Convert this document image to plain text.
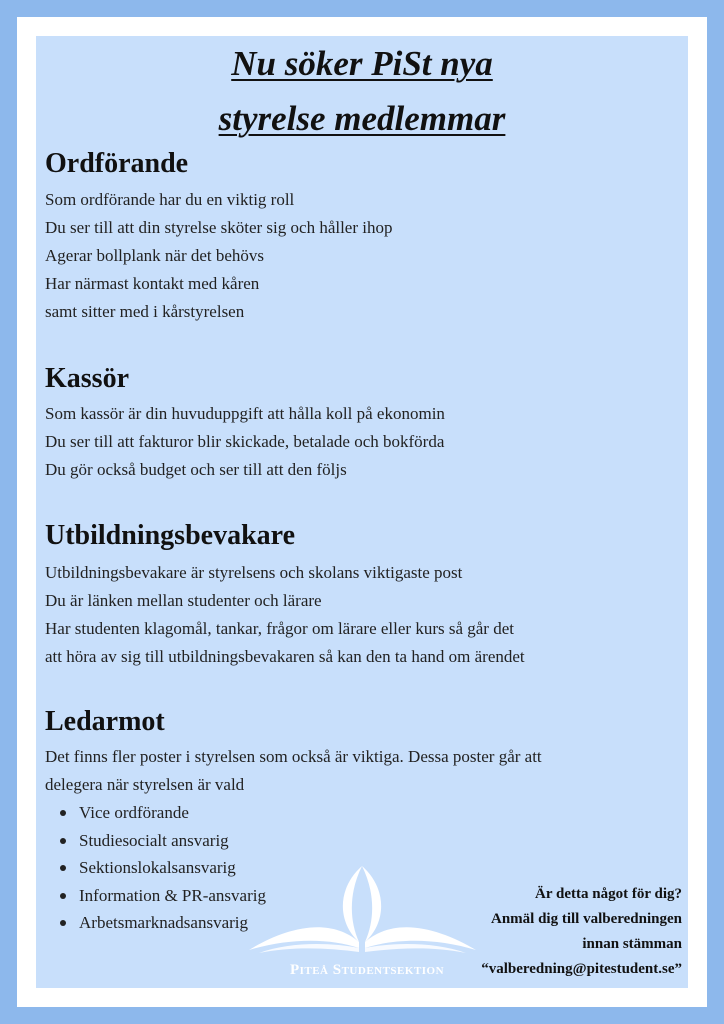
Nu söker PiSt nya
styrelse medlemmar
Ordförande

Som ordförande har du en viktig roll

Du ser till att din styrelse sköter sig och håller ihop

Agerar bollplank när det behövs

Har närmast kontakt med kåren

samt sitter med i kårstyrelsen

Kassör

Som kassör är din huvuduppgift att hålla koll på ekonomin

Du ser till att fakturor blir skickade, betalade och bokförda

Du gör också budget och ser till att den följs

Utbildningsbevakare

Utbildningsbevakare är styrelsens och skolans viktigaste post

Du är länken mellan studenter och lärare

Har studenten klagomål, tankar, frågor om lärare eller kurs så går det

att höra av sig till utbildningsbevakaren så kan den ta hand om ärendet

Ledarmot

Det finns fler poster i styrelsen som också är viktiga. Dessa poster går att

delegera när styrelsen är vald

Vice ordförande
Studiesocialt ansvarig
Sektionslokalsansvarig
Information & PR-ansvarig
Arbetsmarknadsansvarig

Piteå Studentsektion

Är detta något för dig?

Anmäl dig till valberedningen

innan stämman

“valberedning@pitestudent.se”
